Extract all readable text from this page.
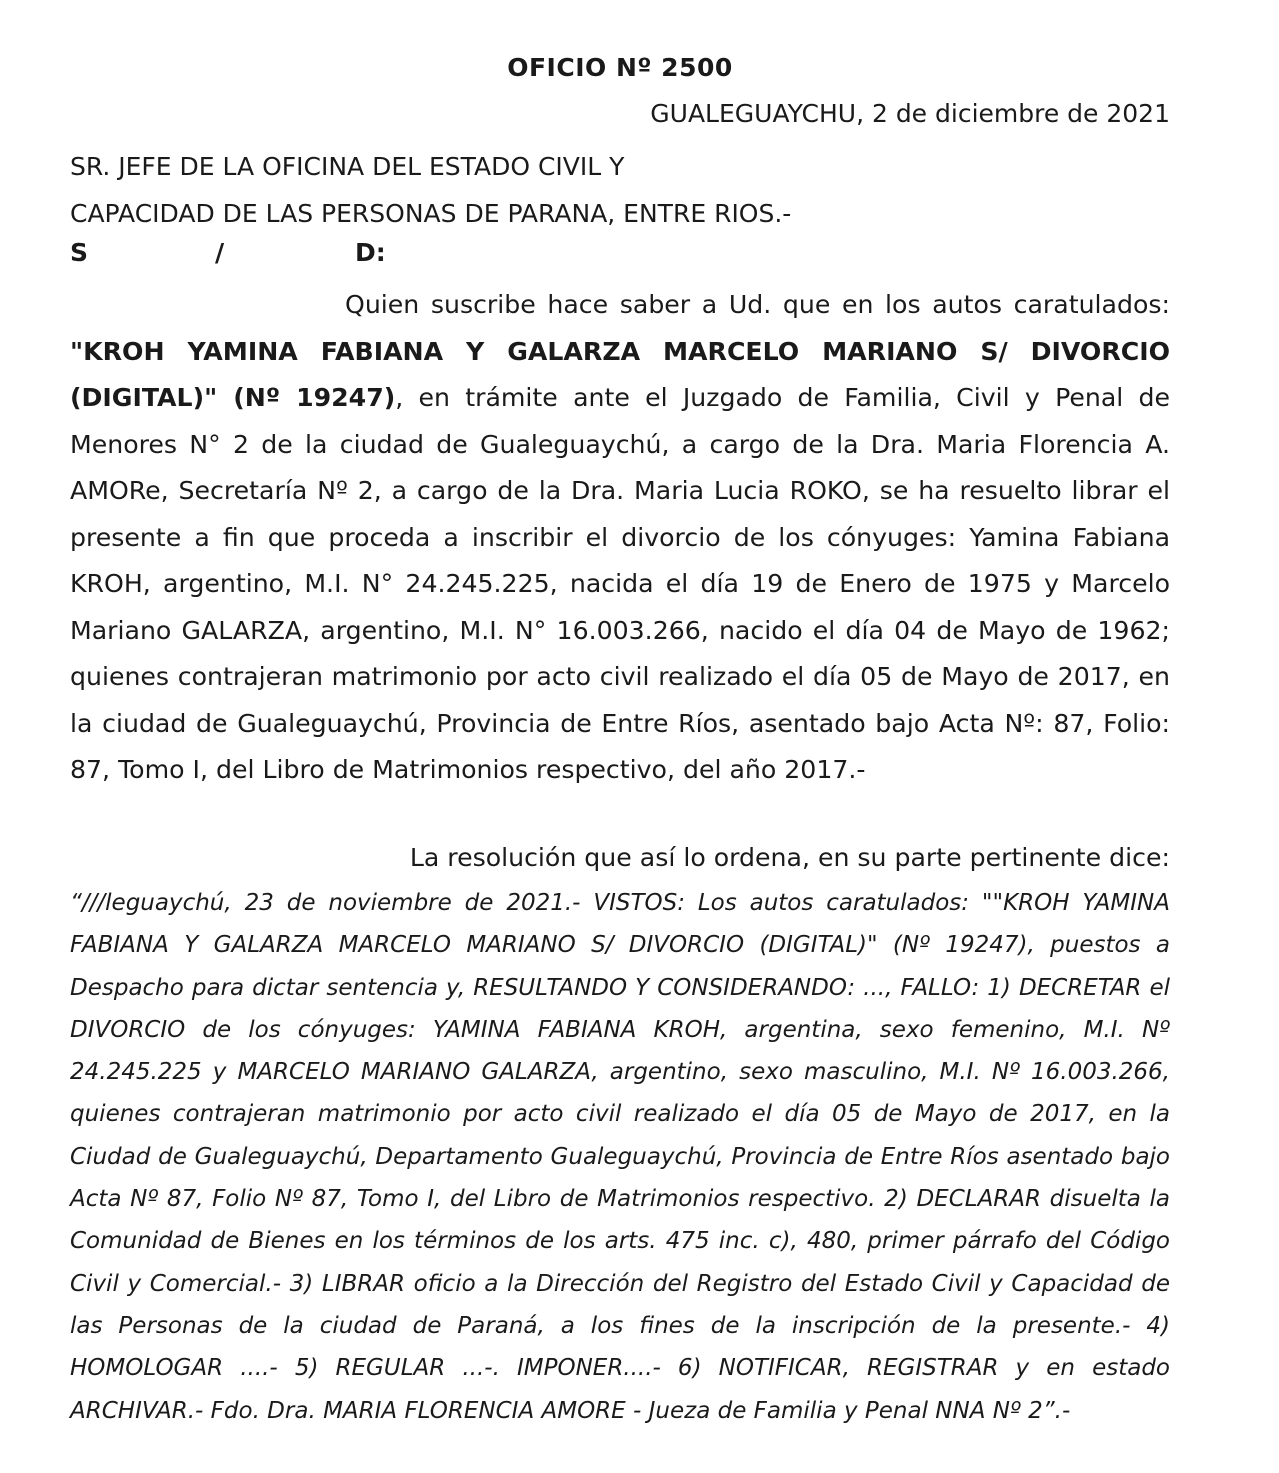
OFICIO Nº 2500
GUALEGUAYCHU, 2 de diciembre de 2021
SR. JEFE DE LA OFICINA DEL ESTADO CIVIL Y
CAPACIDAD DE LAS PERSONAS DE PARANA, ENTRE RIOS.-
S	/	D:

Quien suscribe hace saber a Ud. que en los autos caratulados: "KROH YAMINA FABIANA Y GALARZA MARCELO MARIANO S/ DIVORCIO (DIGITAL)" (Nº 19247), en trámite ante el Juzgado de Familia, Civil y Penal de Menores N° 2 de la ciudad de Gualeguaychú, a cargo de la Dra. Maria Florencia A. AMORe, Secretaría Nº 2, a cargo de la Dra. Maria Lucia ROKO, se ha resuelto librar el presente a fin que proceda a inscribir el divorcio de los cónyuges: Yamina Fabiana KROH, argentino, M.I. N° 24.245.225, nacida el día 19 de Enero de 1975 y Marcelo Mariano GALARZA, argentino, M.I. N° 16.003.266, nacido el día 04 de Mayo de 1962; quienes contrajeran matrimonio por acto civil realizado el día 05 de Mayo de 2017, en la ciudad de Gualeguaychú, Provincia de Entre Ríos, asentado bajo Acta Nº: 87, Folio: 87, Tomo I, del Libro de Matrimonios respectivo, del año 2017.-

La resolución que así lo ordena, en su parte pertinente dice:

“///leguaychú, 23 de noviembre de 2021.- VISTOS: Los autos caratulados: ""KROH YAMINA FABIANA Y GALARZA MARCELO MARIANO S/ DIVORCIO (DIGITAL)" (Nº 19247), puestos a Despacho para dictar sentencia y, RESULTANDO Y CONSIDERANDO: ..., FALLO: 1) DECRETAR el DIVORCIO de los cónyuges: YAMINA FABIANA KROH, argentina, sexo femenino, M.I. Nº 24.245.225 y MARCELO MARIANO GALARZA, argentino, sexo masculino, M.I. Nº 16.003.266, quienes contrajeran matrimonio por acto civil realizado el día 05 de Mayo de 2017, en la Ciudad de Gualeguaychú, Departamento Gualeguaychú, Provincia de Entre Ríos asentado bajo Acta Nº 87, Folio Nº 87, Tomo I, del Libro de Matrimonios respectivo. 2) DECLARAR disuelta la Comunidad de Bienes en los términos de los arts. 475 inc. c), 480, primer párrafo del Código Civil y Comercial.- 3) LIBRAR oficio a la Dirección del Registro del Estado Civil y Capacidad de las Personas de la ciudad de Paraná, a los fines de la inscripción de la presente.- 4) HOMOLOGAR ....- 5) REGULAR ...-. IMPONER....- 6) NOTIFICAR, REGISTRAR y en estado ARCHIVAR.- Fdo. Dra. MARIA FLORENCIA AMORE - Jueza de Familia y Penal NNA Nº 2”.-
